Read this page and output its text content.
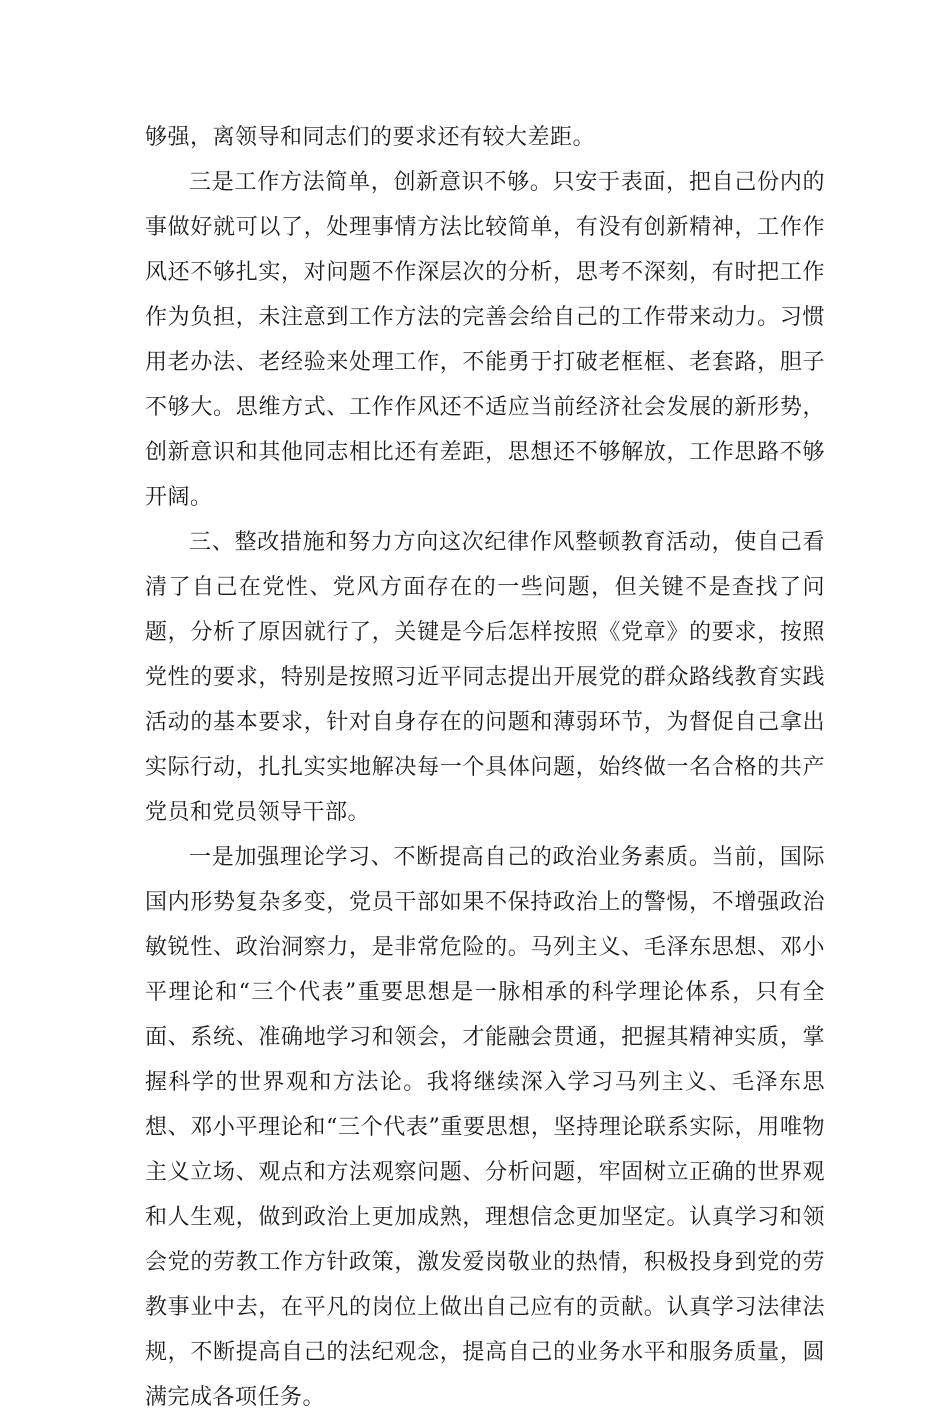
够强，离领导和同志们的要求还有较大差距。

三是工作方法简单，创新意识不够。只安于表面，把自己份内的事做好就可以了，处理事情方法比较简单，有没有创新精神，工作作风还不够扎实，对问题不作深层次的分析，思考不深刻，有时把工作作为负担，未注意到工作方法的完善会给自己的工作带来动力。习惯用老办法、老经验来处理工作，不能勇于打破老框框、老套路，胆子不够大。思维方式、工作作风还不适应当前经济社会发展的新形势，创新意识和其他同志相比还有差距，思想还不够解放，工作思路不够开阔。

三、整改措施和努力方向这次纪律作风整顿教育活动，使自己看清了自己在党性、党风方面存在的一些问题，但关键不是查找了问题，分析了原因就行了，关键是今后怎样按照《党章》的要求，按照党性的要求，特别是按照习近平同志提出开展党的群众路线教育实践活动的基本要求，针对自身存在的问题和薄弱环节，为督促自己拿出实际行动，扎扎实实地解决每一个具体问题，始终做一名合格的共产党员和党员领导干部。

一是加强理论学习、不断提高自己的政治业务素质。当前，国际国内形势复杂多变，党员干部如果不保持政治上的警惕，不增强政治敏锐性、政治洞察力，是非常危险的。马列主义、毛泽东思想、邓小平理论和“三个代表”重要思想是一脉相承的科学理论体系，只有全面、系统、准确地学习和领会，才能融会贯通，把握其精神实质，掌握科学的世界观和方法论。我将继续深入学习马列主义、毛泽东思想、邓小平理论和“三个代表”重要思想，坚持理论联系实际，用唯物主义立场、观点和方法观察问题、分析问题，牢固树立正确的世界观和人生观，做到政治上更加成熟，理想信念更加坚定。认真学习和领会党的劳教工作方针政策，激发爱岗敬业的热情，积极投身到党的劳教事业中去，在平凡的岗位上做出自己应有的贡献。认真学习法律法规，不断提高自己的法纪观念，提高自己的业务水平和服务质量，圆满完成各项任务。
